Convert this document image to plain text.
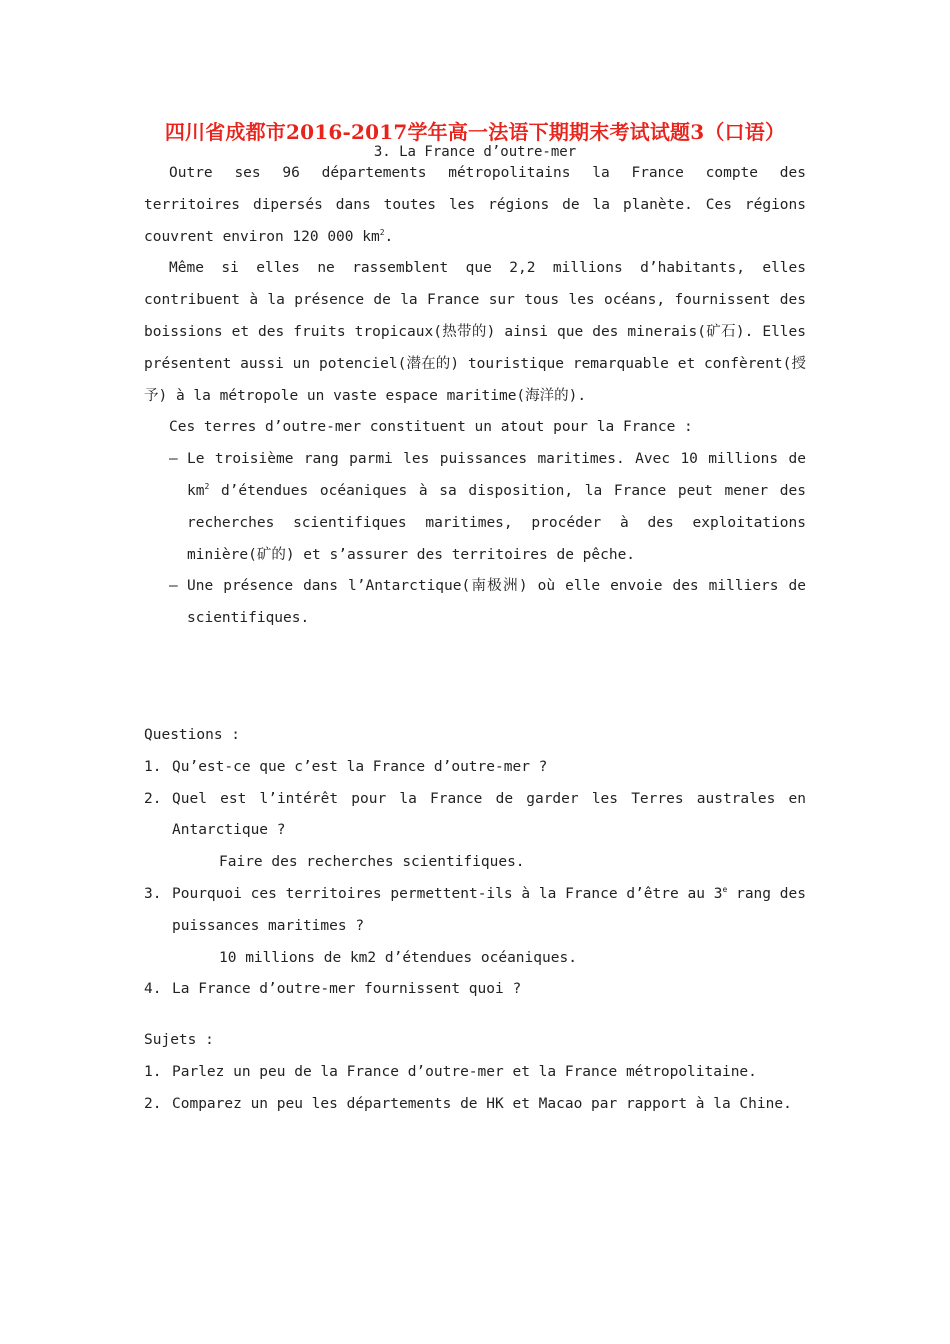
四川省成都市2016-2017学年高一法语下期期末考试试题3（口语）
3. La France d’outre-mer

Outre ses 96 départements métropolitains la France compte des territoires dipersés dans toutes les régions de la planète. Ces régions couvrent environ 120 000 $km^2$.

Même si elles ne rassemblent que 2,2 millions d’habitants, elles contribuent à la présence de la France sur tous les océans, fournissent des boissions et des fruits tropicaux(热带的) ainsi que des minerais(矿石). Elles présentent aussi un potenciel(潜在的) touristique remarquable et confèrent(授予) à la métropole un vaste espace maritime(海洋的).

Ces terres d’outre-mer constituent un atout pour la France :

– Le troisième rang parmi les puissances maritimes. Avec 10 millions de $km^2$ d’étendues océaniques à sa disposition, la France peut mener des recherches scientifiques maritimes, procéder à des exploitations minière(矿的) et s’assurer des territoires de pêche.

– Une présence dans l’Antarctique(南极洲) où elle envoie des milliers de scientifiques.

Questions :

1. Qu’est-ce que c’est la France d’outre-mer ?

2. Quel est l’intérêt pour la France de garder les Terres australes en Antarctique ?

Faire des recherches scientifiques.

3. Pourquoi ces territoires permettent-ils à la France d’être au 3e rang des puissances maritimes ?

10 millions de km2 d’étendues océaniques.

4. La France d’outre-mer fournissent quoi ?

Sujets :

1. Parlez un peu de la France d’outre-mer et la France métropolitaine.

2. Comparez un peu les départements de HK et Macao par rapport à la Chine.
